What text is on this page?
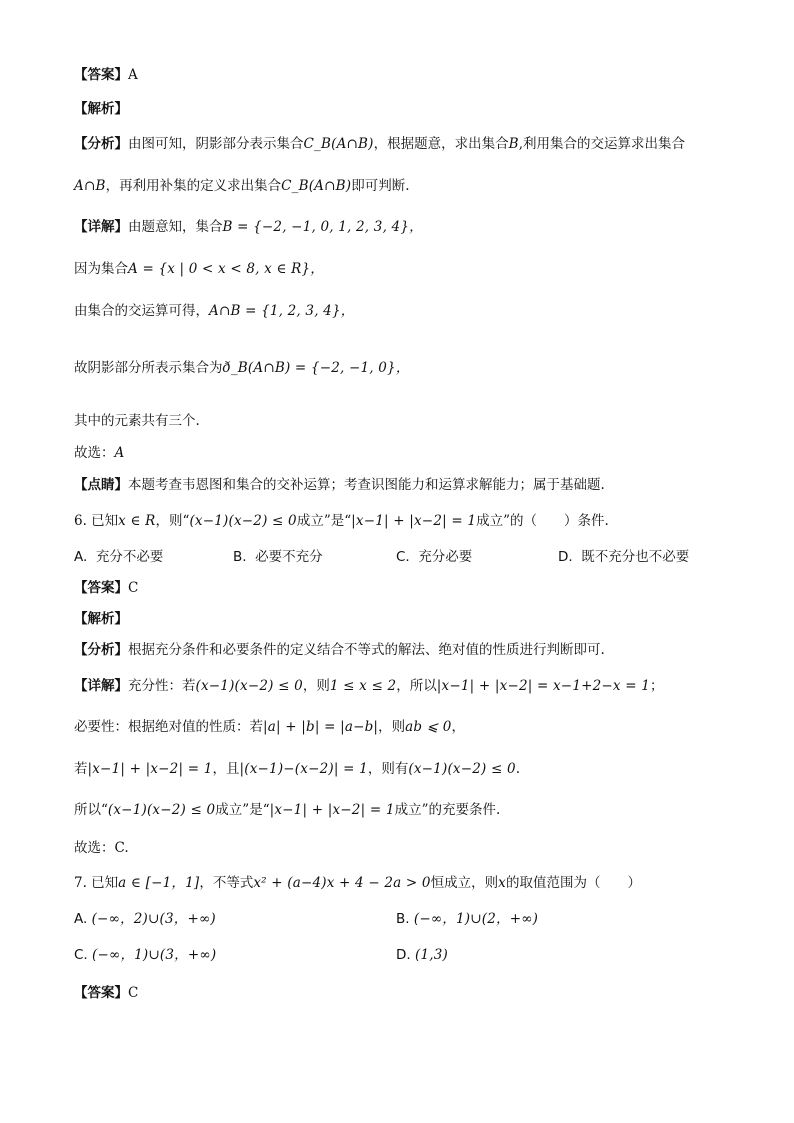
【答案】A
【解析】
【分析】由图可知，阴影部分表示集合C_B(A∩B)，根据题意，求出集合B,利用集合的交运算求出集合
A∩B，再利用补集的定义求出集合C_B(A∩B)即可判断.
【详解】由题意知，集合B = {−2, −1, 0, 1, 2, 3, 4}，
因为集合A = {x | 0 < x < 8, x ∈ R}，
由集合的交运算可得，A∩B = {1, 2, 3, 4}，
故阴影部分所表示集合为ð_B(A∩B) = {−2, −1, 0}，
其中的元素共有三个.
故选：A
【点睛】本题考查韦恩图和集合的交补运算；考查识图能力和运算求解能力；属于基础题.
6. 已知x ∈ R，则“(x−1)(x−2) ≤ 0成立”是“|x−1| + |x−2| = 1成立”的（　　）条件.
A. 充分不必要	B. 必要不充分	C. 充分必要	D. 既不充分也不必要
【答案】C
【解析】
【分析】根据充分条件和必要条件的定义结合不等式的解法、绝对值的性质进行判断即可.
【详解】充分性：若(x−1)(x−2) ≤ 0，则1 ≤ x ≤ 2，所以|x−1| + |x−2| = x−1+2−x = 1；
必要性：根据绝对值的性质：若|a| + |b| = |a−b|，则ab ⩽ 0，
若|x−1| + |x−2| = 1，且|(x−1)−(x−2)| = 1，则有(x−1)(x−2) ≤ 0.
所以“(x−1)(x−2) ≤ 0成立”是“|x−1| + |x−2| = 1成立”的充要条件.
故选：C.
7. 已知a ∈ [−1，1]，不等式x² + (a−4)x + 4 − 2a > 0恒成立，则x的取值范围为（　　）
A. (−∞，2)∪(3，+∞)	B. (−∞，1)∪(2，+∞)
C. (−∞，1)∪(3，+∞)	D. (1,3)
【答案】C
